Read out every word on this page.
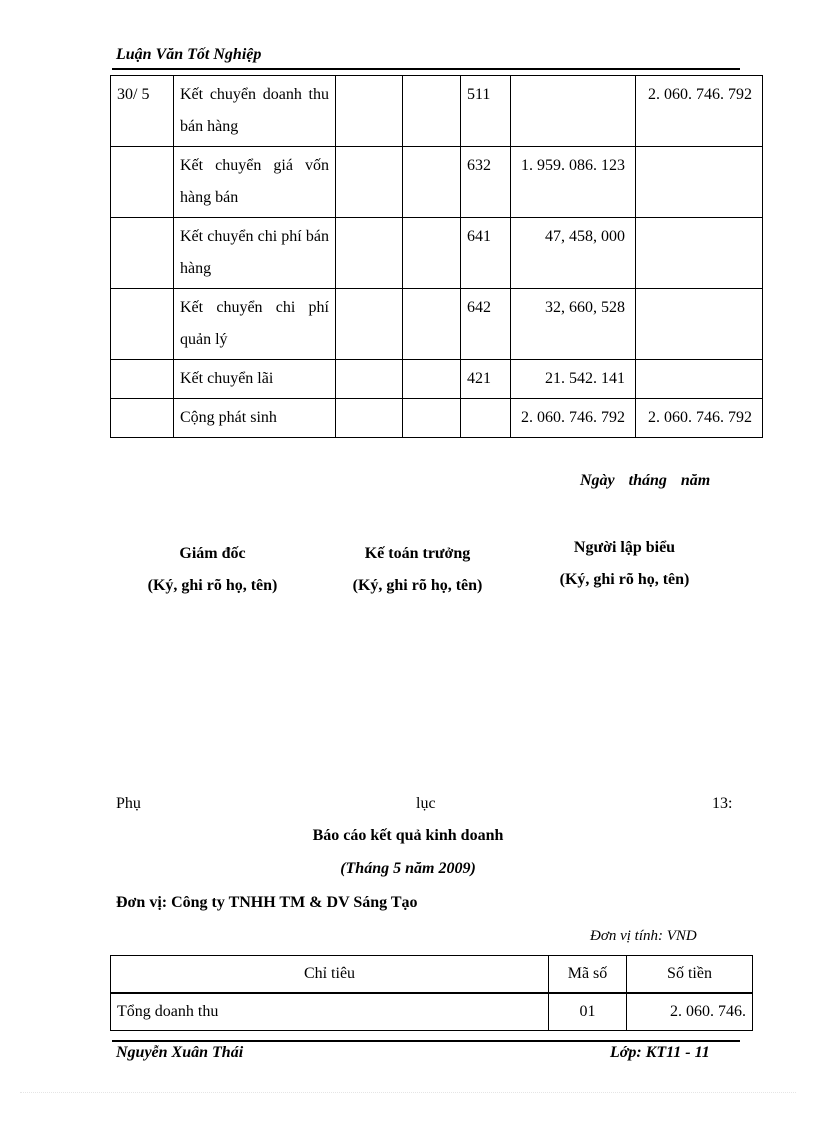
Luận Văn Tốt Nghiệp
30/ 5	Kết chuyển doanh thu bán hàng			511		2. 060. 746. 792
	Kết chuyển giá vốn hàng bán			632	1. 959. 086. 123	
	Kết chuyển chi phí bán hàng			641	47, 458, 000	
	Kết chuyển chi phí quản lý			642	32, 660, 528	
	Kết chuyển lãi			421	21. 542. 141	
	Cộng phát sinh				2. 060. 746. 792	2. 060. 746. 792
Ngày tháng năm
Giám đốc
(Ký, ghi rõ họ, tên)
Kế toán trưởng
(Ký, ghi rõ họ, tên)
Người lập biểu
(Ký, ghi rõ họ, tên)
Phụ	lục	13:
Báo cáo kết quả kinh doanh
(Tháng 5 năm 2009)
Đơn vị: Công ty TNHH TM & DV Sáng Tạo
Đơn vị tính: VND
Chỉ tiêu	Mã số	Số tiền
Tổng doanh thu	01	2. 060. 746.
Nguyễn Xuân Thái	Lớp: KT11 - 11
